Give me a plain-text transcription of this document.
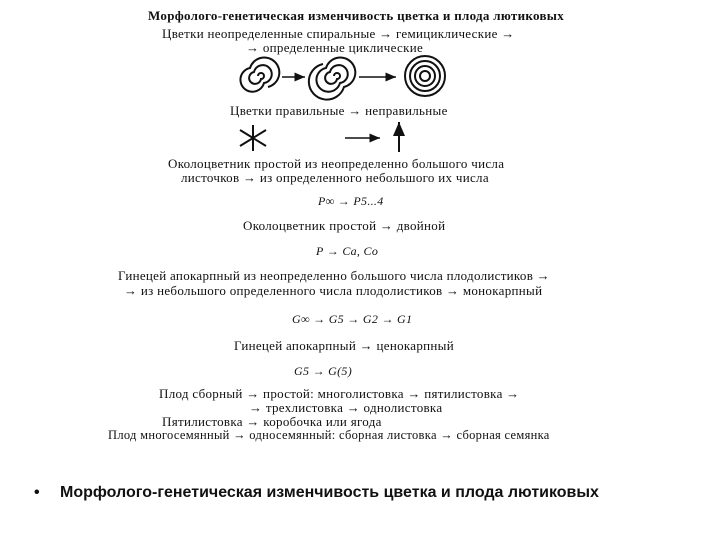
Морфолого-генетическая изменчивость цветка и плода лютиковых
Цветки неопределенные спиральные → гемициклические →
→ определенные циклические
Цветки правильные → неправильные
Околоцветник простой из неопределенно большого числа
листочков → из определенного небольшого их числа
P∞ → P5...4
Околоцветник простой → двойной
P → Ca, Co
Гинецей апокарпный из неопределенно большого числа плодолистиков →
→ из небольшого определенного числа плодолистиков → монокарпный
G∞ → G5 → G2 → G1
Гинецей апокарпный → ценокарпный
G5 → G(5)
Плод сборный → простой: многолистовка → пятилистовка →
→ трехлистовка → однолистовка
Пятилистовка → коробочка или ягода
Плод многосемянный → односемянный: сборная листовка → сборная семянка
• Морфолого-генетическая изменчивость цветка и плода лютиковых
